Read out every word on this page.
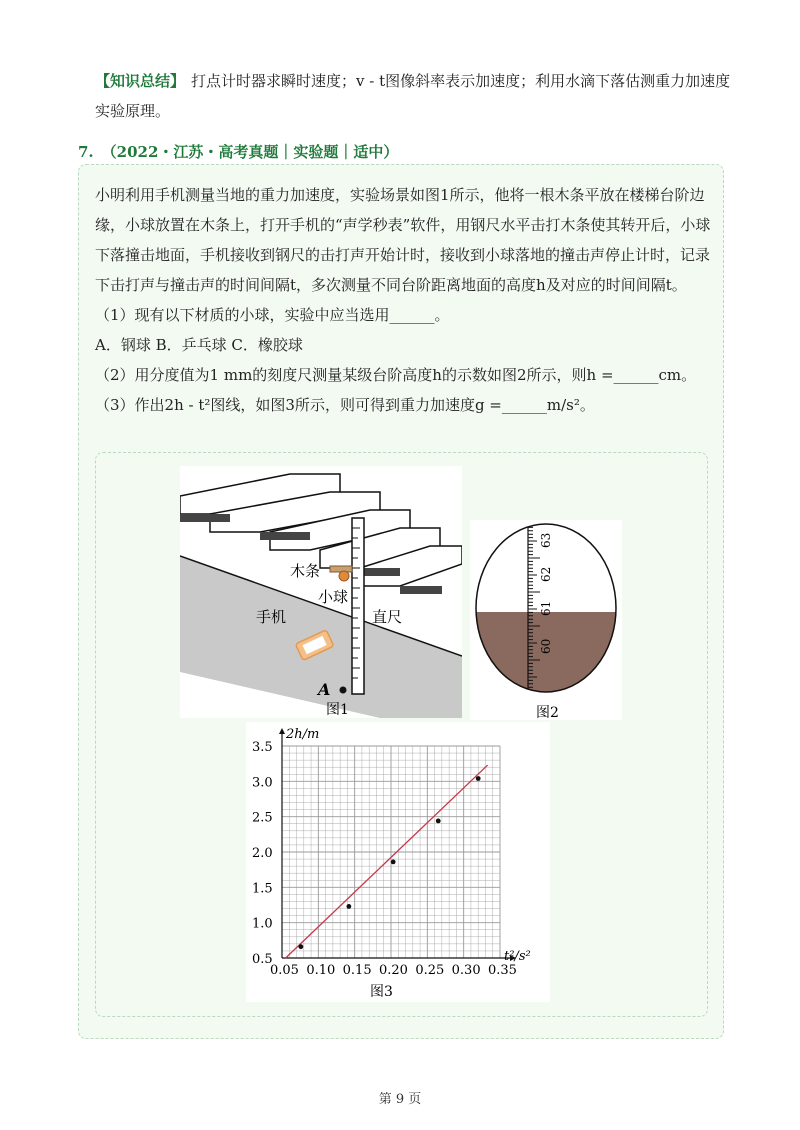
【知识总结】 打点计时器求瞬时速度；v - t图像斜率表示加速度；利用水滴下落估测重力加速度实验原理。
7. （2022・江苏・高考真题｜实验题｜适中）

小明利用手机测量当地的重力加速度，实验场景如图1所示，他将一根木条平放在楼梯台阶边缘，小球放置在木条上，打开手机的“声学秒表”软件，用钢尺水平击打木条使其转开后，小球下落撞击地面，手机接收到钢尺的击打声开始计时，接收到小球落地的撞击声停止计时，记录下击打声与撞击声的时间间隔t，多次测量不同台阶距离地面的高度h及对应的时间间隔t。

（1）现有以下材质的小球，实验中应当选用______。

A．钢球 B．乒乓球 C．橡胶球

（2）用分度值为1 mm的刻度尺测量某级台阶高度h的示数如图2所示，则h =______cm。

（3）作出2h - t²图线，如图3所示，则可得到重力加速度g =______m/s²。

A
木条
小球
手机	直尺
图1
63
62
61
60
图2
0.05 0.10 0.15 0.20 0.25 0.30 0.35
0.5
1.0
1.5
2.0
2.5
3.0
3.5
2h/m
t²/s²
图3
第 9 页
